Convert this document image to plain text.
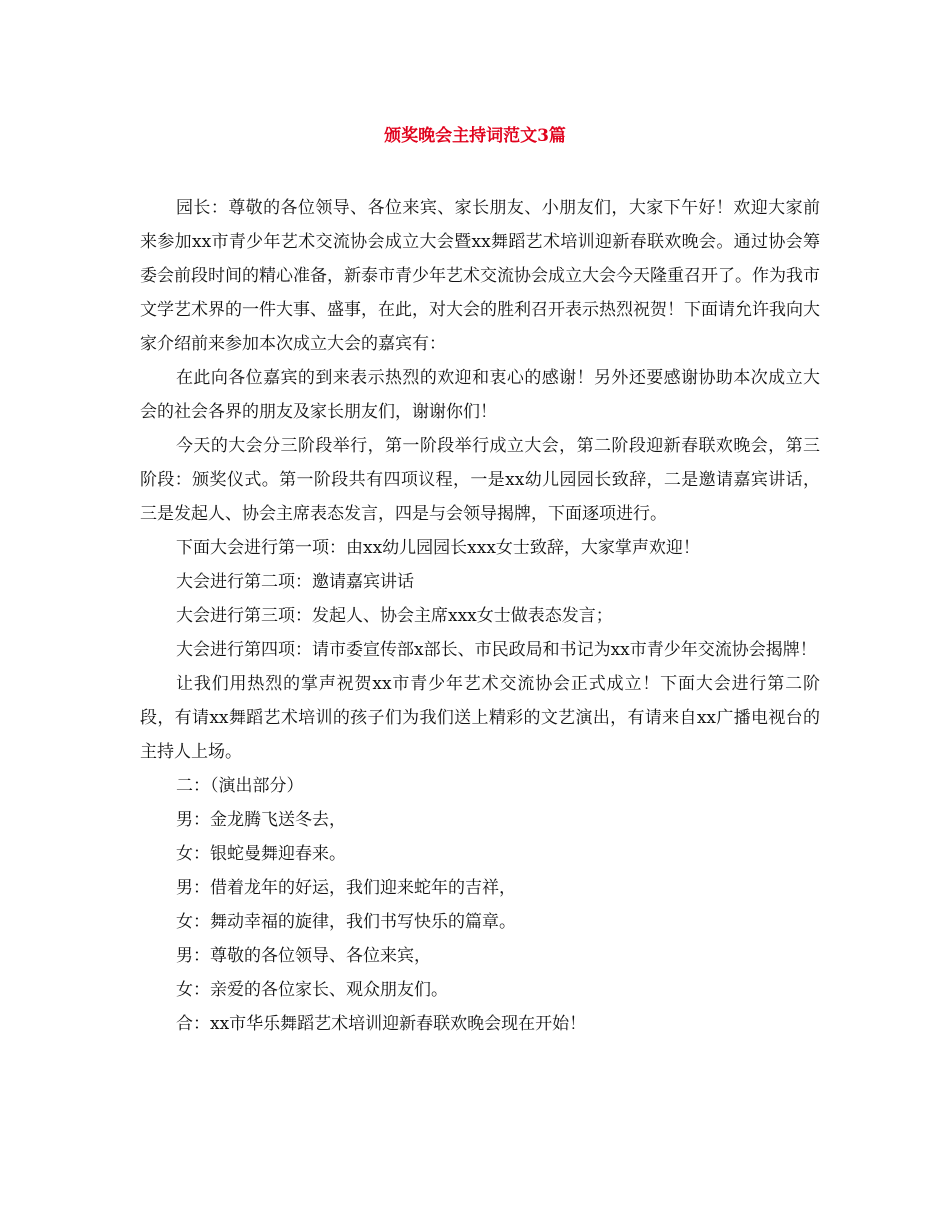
颁奖晚会主持词范文3篇

园长：尊敬的各位领导、各位来宾、家长朋友、小朋友们，大家下午好！欢迎大家前来参加xx市青少年艺术交流协会成立大会暨xx舞蹈艺术培训迎新春联欢晚会。通过协会筹委会前段时间的精心准备，新泰市青少年艺术交流协会成立大会今天隆重召开了。作为我市文学艺术界的一件大事、盛事，在此，对大会的胜利召开表示热烈祝贺！下面请允许我向大家介绍前来参加本次成立大会的嘉宾有：

在此向各位嘉宾的到来表示热烈的欢迎和衷心的感谢！另外还要感谢协助本次成立大会的社会各界的朋友及家长朋友们，谢谢你们！

今天的大会分三阶段举行，第一阶段举行成立大会，第二阶段迎新春联欢晚会，第三阶段：颁奖仪式。第一阶段共有四项议程，一是xx幼儿园园长致辞，二是邀请嘉宾讲话，三是发起人、协会主席表态发言，四是与会领导揭牌，下面逐项进行。

下面大会进行第一项：由xx幼儿园园长xxx女士致辞，大家掌声欢迎！

大会进行第二项：邀请嘉宾讲话

大会进行第三项：发起人、协会主席xxx女士做表态发言；

大会进行第四项：请市委宣传部x部长、市民政局和书记为xx市青少年交流协会揭牌！

让我们用热烈的掌声祝贺xx市青少年艺术交流协会正式成立！下面大会进行第二阶段，有请xx舞蹈艺术培训的孩子们为我们送上精彩的文艺演出，有请来自xx广播电视台的主持人上场。

二：（演出部分）

男：金龙腾飞送冬去，

女：银蛇曼舞迎春来。

男：借着龙年的好运，我们迎来蛇年的吉祥，

女：舞动幸福的旋律，我们书写快乐的篇章。

男：尊敬的各位领导、各位来宾，

女：亲爱的各位家长、观众朋友们。

合：xx市华乐舞蹈艺术培训迎新春联欢晚会现在开始！
